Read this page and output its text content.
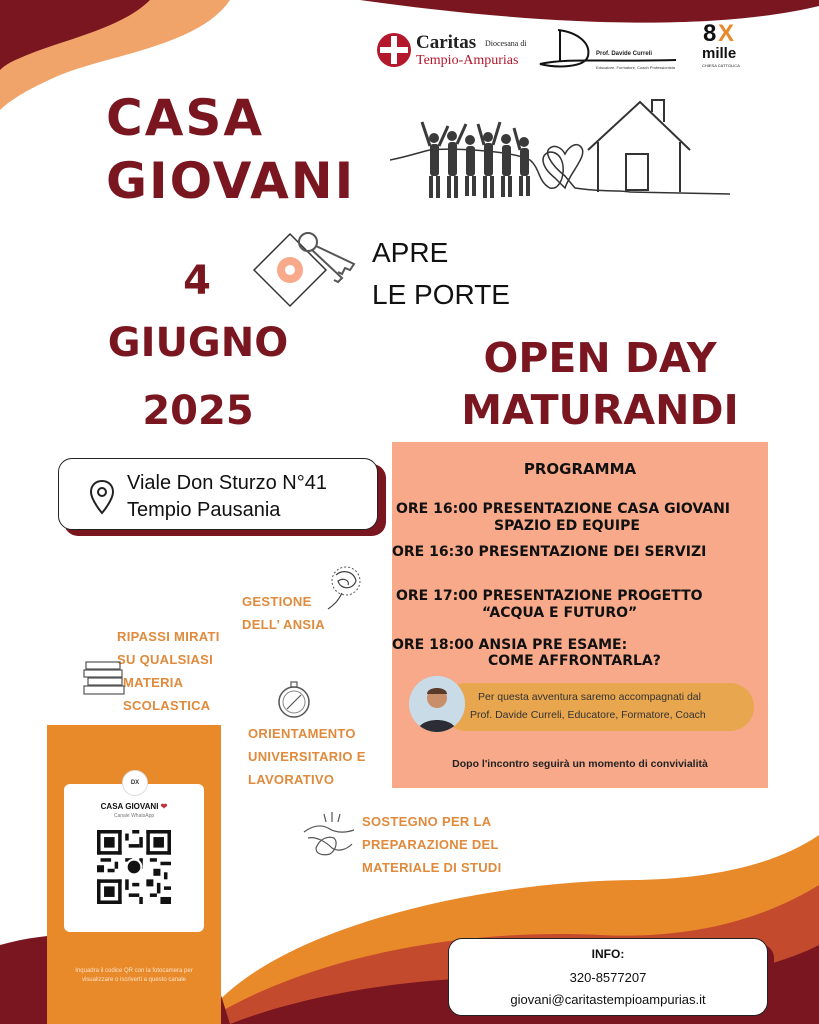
Caritas Diocesana di
Tempio-Ampurias	Prof. Davide Curreli
Educatore, Formatore, Coach Professionista
8 X
mille
CHIESA CATTOLICA
CASA
GIOVANI
APRE
LE PORTE
4
GIUGNO
2025
OPEN DAY
MATURANDI
Viale Don Sturzo N°41
Tempio Pausania
PROGRAMMA
ORE 16:00 PRESENTAZIONE CASA GIOVANI
SPAZIO ED EQUIPE
ORE 16:30 PRESENTAZIONE DEI SERVIZI
ORE 17:00 PRESENTAZIONE PROGETTO
“ACQUA E FUTURO”
ORE 18:00 ANSIA PRE ESAME:
COME AFFRONTARLA?
Per questa avventura saremo accompagnati dal
Prof. Davide Curreli, Educatore, Formatore, Coach
Dopo l'incontro seguirà un momento di convivialità
GESTIONE
DELL’ ANSIA
RIPASSI MIRATI
SU QUALSIASI
MATERIA
SCOLASTICA
ORIENTAMENTO
UNIVERSITARIO E
LAVORATIVO
SOSTEGNO PER LA
PREPARAZIONE DEL
MATERIALE DI STUDI
DX
CASA GIOVANI ❤
Canale WhatsApp
Inquadra il codice QR con la fotocamera per visualizzare o iscriverti a questo canale
INFO:
320-8577207
giovani@caritastempioampurias.it
